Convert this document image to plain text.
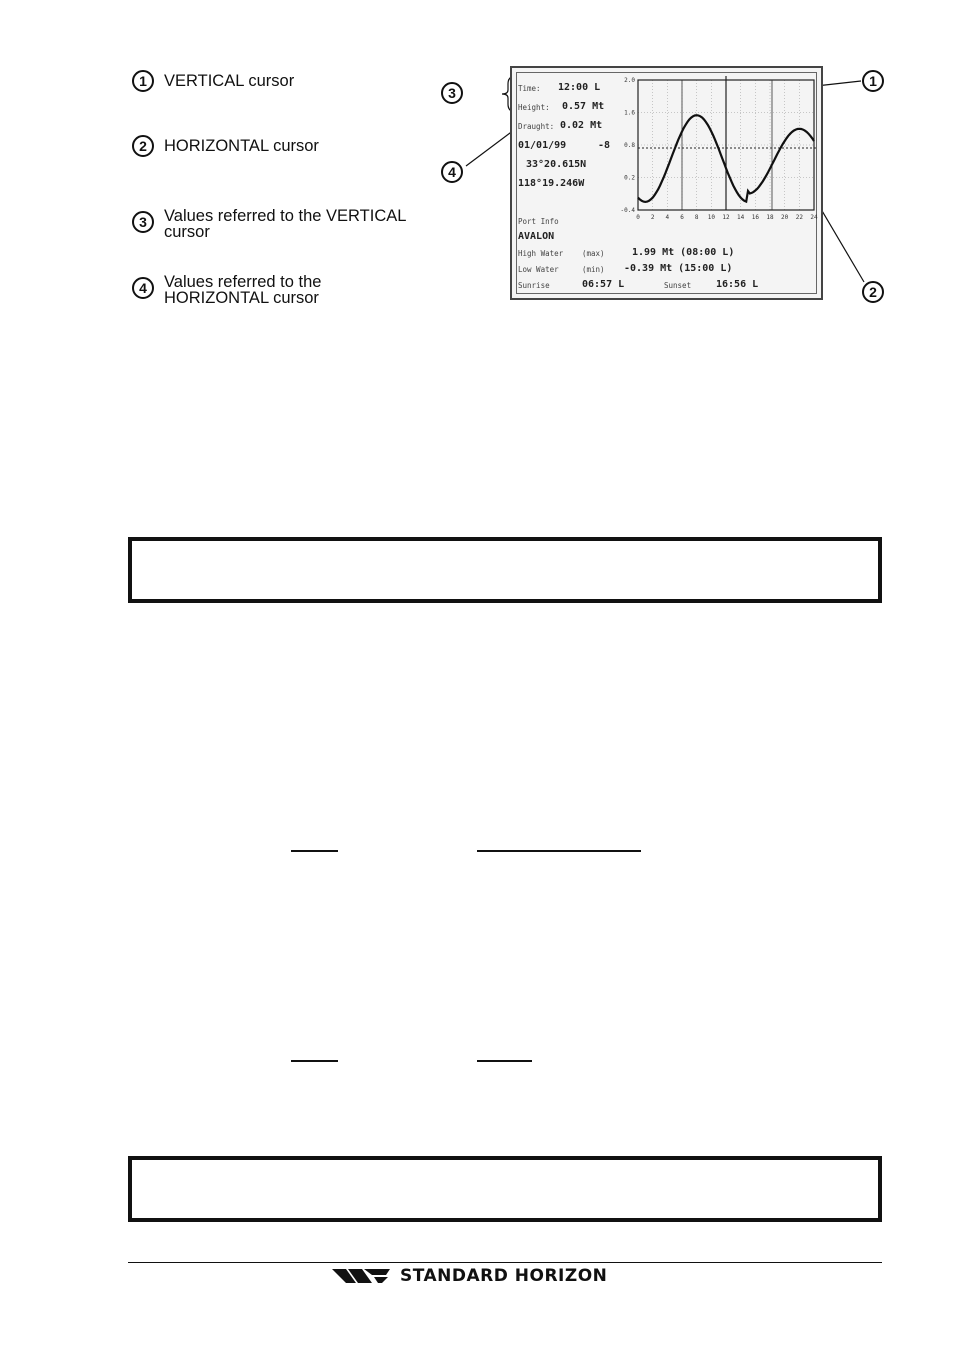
1	VERTICAL cursor
2	HORIZONTAL cursor
3	Values referred to the VERTICAL
cursor
4	Values referred to the
HORIZONTAL cursor
3
4
1
2
Time: 12:00 L
Height: 0.57 Mt
Draught: 0.02 Mt
01/01/99	-8
33°20.615N
118°19.246W
Port Info
AVALON
High Water	(max)	1.99 Mt (08:00 L)
Low Water	(min) -0.39 Mt (15:00 L)
Sunrise	06:57 L	Sunset 16:56 L
2.0
1.6
0.8
0.2
-0.4
0 2 4 6 8 10 12 14 16 18 20 22 24
STANDARD HORIZON
